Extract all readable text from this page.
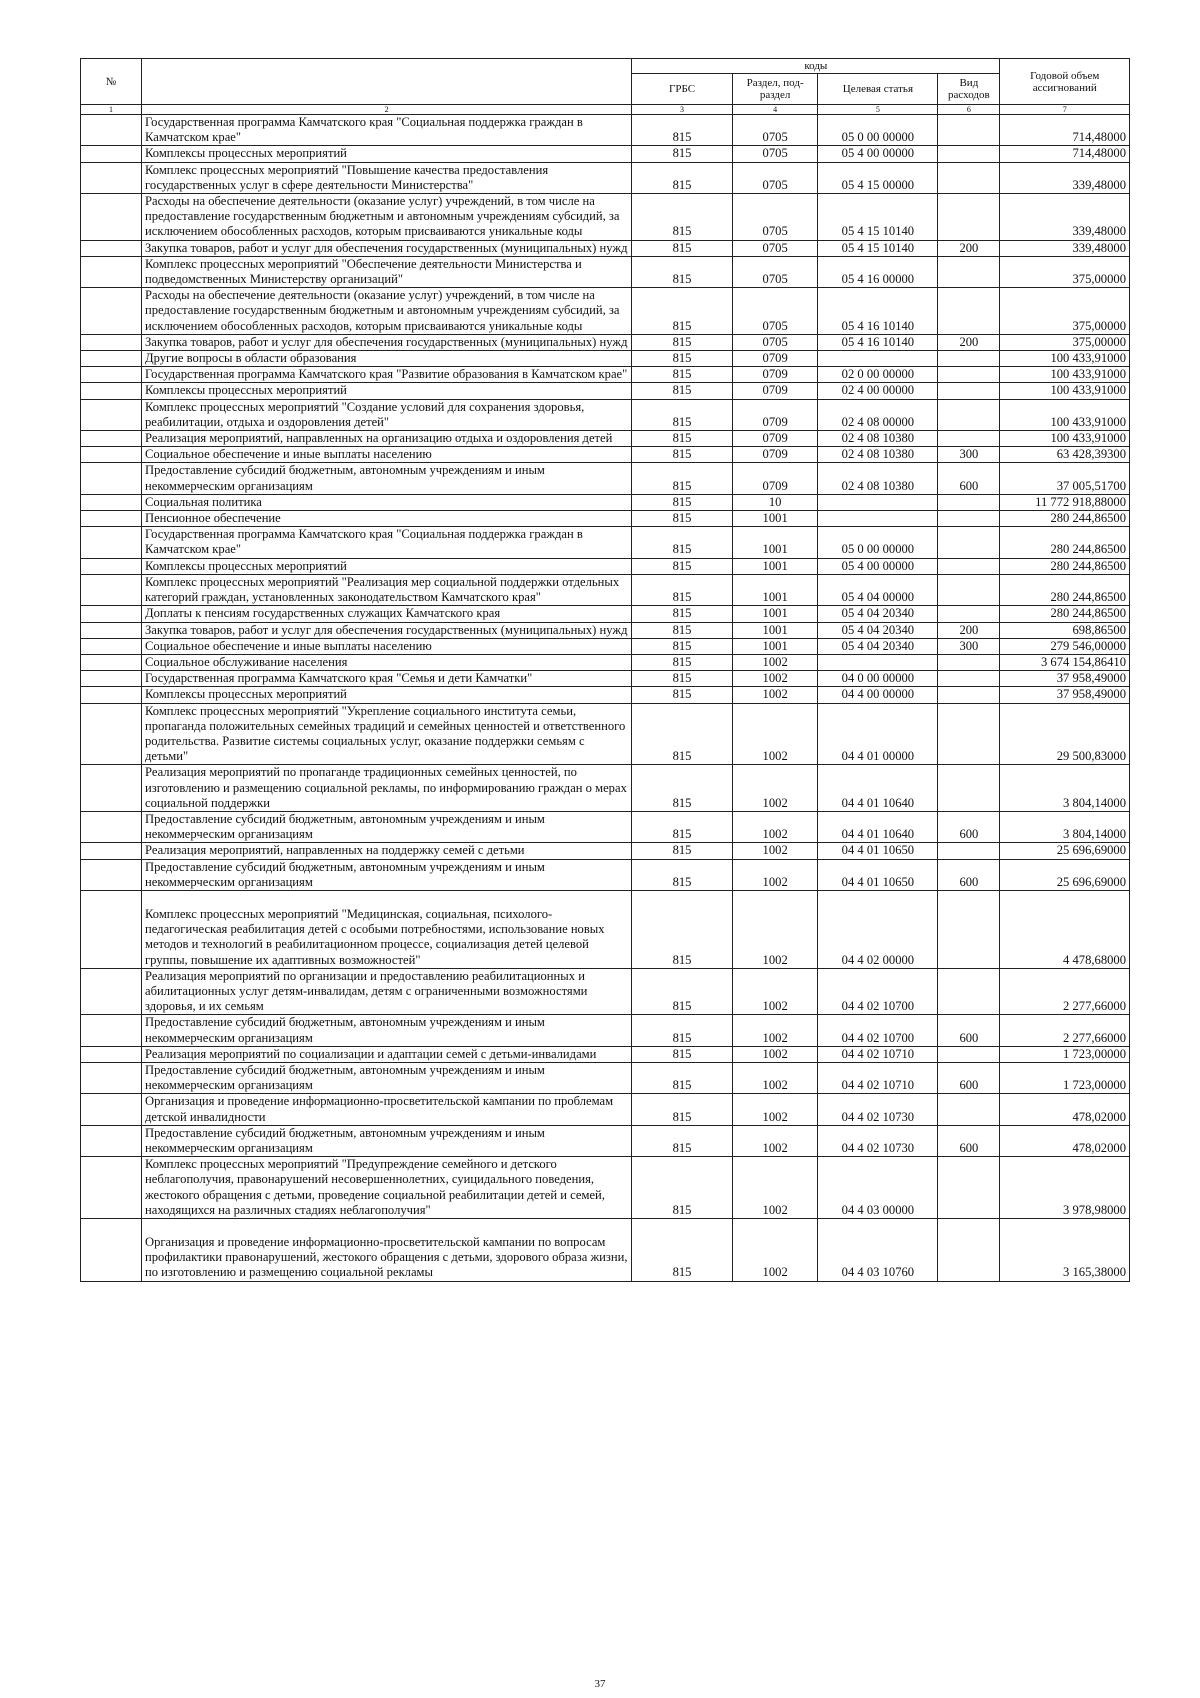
№		коды				Годовой объем ассигнований
		ГРБС	Раздел, под-раздел	Целевая статья	Вид расходов	
1	2	3	4	5	6	7
	Государственная программа Камчатского края "Социальная поддержка граждан в Камчатском крае"	815	0705	05 0 00 00000		714,48000
	Комплексы процессных мероприятий	815	0705	05 4 00 00000		714,48000
	Комплекс процессных мероприятий "Повышение качества предоставления государственных услуг в сфере деятельности Министерства"	815	0705	05 4 15 00000		339,48000
	Расходы на обеспечение деятельности (оказание услуг) учреждений, в том числе на предоставление государственным бюджетным и автономным учреждениям субсидий, за исключением обособленных расходов, которым присваиваются уникальные коды	815	0705	05 4 15 10140		339,48000
	Закупка товаров, работ и услуг для обеспечения государственных (муниципальных) нужд	815	0705	05 4 15 10140	200	339,48000
	Комплекс процессных мероприятий "Обеспечение деятельности Министерства и подведомственных Министерству организаций"	815	0705	05 4 16 00000		375,00000
	Расходы на обеспечение деятельности (оказание услуг) учреждений, в том числе на предоставление государственным бюджетным и автономным учреждениям субсидий, за исключением обособленных расходов, которым присваиваются уникальные коды	815	0705	05 4 16 10140		375,00000
	Закупка товаров, работ и услуг для обеспечения государственных (муниципальных) нужд	815	0705	05 4 16 10140	200	375,00000
	Другие вопросы в области образования	815	0709			100 433,91000
	Государственная программа Камчатского края "Развитие образования в Камчатском крае"	815	0709	02 0 00 00000		100 433,91000
	Комплексы процессных мероприятий	815	0709	02 4 00 00000		100 433,91000
	Комплекс процессных мероприятий "Создание условий для сохранения здоровья, реабилитации, отдыха и оздоровления детей"	815	0709	02 4 08 00000		100 433,91000
	Реализация мероприятий, направленных на организацию отдыха и оздоровления детей	815	0709	02 4 08 10380		100 433,91000
	Социальное обеспечение и иные выплаты населению	815	0709	02 4 08 10380	300	63 428,39300
	Предоставление субсидий бюджетным, автономным учреждениям и иным некоммерческим организациям	815	0709	02 4 08 10380	600	37 005,51700
	Социальная политика	815	10			11 772 918,88000
	Пенсионное обеспечение	815	1001			280 244,86500
	Государственная программа Камчатского края "Социальная поддержка граждан в Камчатском крае"	815	1001	05 0 00 00000		280 244,86500
	Комплексы процессных мероприятий	815	1001	05 4 00 00000		280 244,86500
	Комплекс процессных мероприятий "Реализация мер социальной поддержки отдельных категорий граждан, установленных законодательством Камчатского края"	815	1001	05 4 04 00000		280 244,86500
	Доплаты к пенсиям государственных служащих Камчатского края	815	1001	05 4 04 20340		280 244,86500
	Закупка товаров, работ и услуг для обеспечения государственных (муниципальных) нужд	815	1001	05 4 04 20340	200	698,86500
	Социальное обеспечение и иные выплаты населению	815	1001	05 4 04 20340	300	279 546,00000
	Социальное обслуживание населения	815	1002			3 674 154,86410
	Государственная программа Камчатского края "Семья и дети Камчатки"	815	1002	04 0 00 00000		37 958,49000
	Комплексы процессных мероприятий	815	1002	04 4 00 00000		37 958,49000
	Комплекс процессных мероприятий "Укрепление социального института семьи, пропаганда положительных семейных традиций и семейных ценностей и ответственного родительства. Развитие системы социальных услуг, оказание поддержки семьям с детьми"	815	1002	04 4 01 00000		29 500,83000
	Реализация мероприятий по пропаганде традиционных семейных ценностей, по изготовлению и размещению социальной рекламы, по информированию граждан о мерах социальной поддержки	815	1002	04 4 01 10640		3 804,14000
	Предоставление субсидий бюджетным, автономным учреждениям и иным некоммерческим организациям	815	1002	04 4 01 10640	600	3 804,14000
	Реализация мероприятий, направленных на поддержку семей с детьми	815	1002	04 4 01 10650		25 696,69000
	Предоставление субсидий бюджетным, автономным учреждениям и иным некоммерческим организациям	815	1002	04 4 01 10650	600	25 696,69000
	Комплекс процессных мероприятий "Медицинская, социальная, психолого-педагогическая реабилитация детей с особыми потребностями, использование новых методов и технологий в реабилитационном процессе, социализация детей целевой группы, повышение их адаптивных возможностей"	815	1002	04 4 02 00000		4 478,68000
	Реализация мероприятий по организации и предоставлению реабилитационных и абилитационных услуг детям-инвалидам, детям с ограниченными возможностями здоровья, и их семьям	815	1002	04 4 02 10700		2 277,66000
	Предоставление субсидий бюджетным, автономным учреждениям и иным некоммерческим организациям	815	1002	04 4 02 10700	600	2 277,66000
	Реализация мероприятий по социализации и адаптации семей с детьми-инвалидами	815	1002	04 4 02 10710		1 723,00000
	Предоставление субсидий бюджетным, автономным учреждениям и иным некоммерческим организациям	815	1002	04 4 02 10710	600	1 723,00000
	Организация и проведение информационно-просветительской кампании по проблемам детской инвалидности	815	1002	04 4 02 10730		478,02000
	Предоставление субсидий бюджетным, автономным учреждениям и иным некоммерческим организациям	815	1002	04 4 02 10730	600	478,02000
	Комплекс процессных мероприятий "Предупреждение семейного и детского неблагополучия, правонарушений несовершеннолетних, суицидального поведения, жестокого обращения с детьми, проведение социальной реабилитации детей и семей, находящихся на различных стадиях неблагополучия"	815	1002	04 4 03 00000		3 978,98000
	Организация и проведение информационно-просветительской кампании по вопросам профилактики правонарушений, жестокого обращения с детьми, здорового образа жизни, по изготовлению и размещению социальной рекламы	815	1002	04 4 03 10760		3 165,38000
37
